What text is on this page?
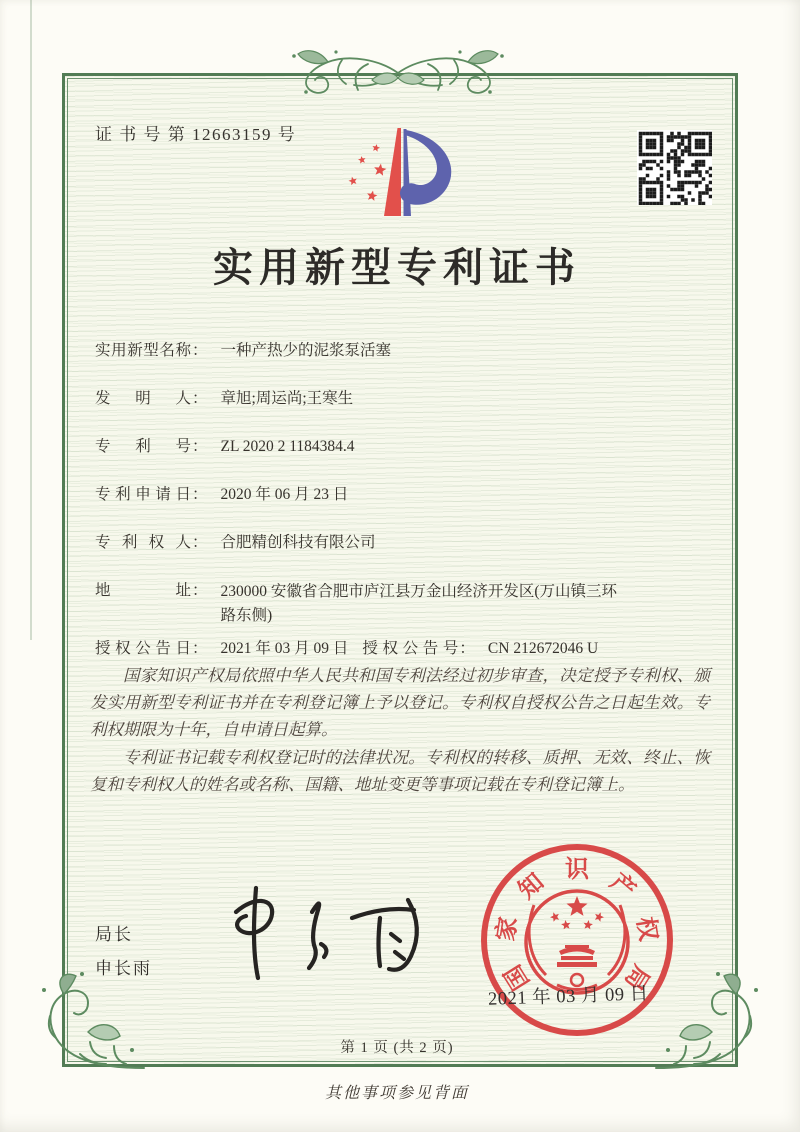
证 书 号 第 12663159 号
实用新型专利证书
实用新型名称 ： 一种产热少的泥浆泵活塞
发明人 ： 章旭;周运尚;王寒生
专利号 ： ZL 2020 2 1184384.4
专利申请日 ： 2020 年 06 月 23 日
专利权人 ： 合肥精创科技有限公司
地址 ： 230000 安徽省合肥市庐江县万金山经济开发区(万山镇三环路东侧)
授权公告日 ： 2021 年 03 月 09 日 授权公告号 ： CN 212672046 U

国家知识产权局依照中华人民共和国专利法经过初步审查，决定授予专利权、颁发实用新型专利证书并在专利登记簿上予以登记。专利权自授权公告之日起生效。专利权期限为十年，自申请日起算。

专利证书记载专利权登记时的法律状况。专利权的转移、质押、无效、终止、恢复和专利权人的姓名或名称、国籍、地址变更等事项记载在专利登记簿上。

局长
申长雨	国
家
知 识 产
权
局
2021 年 03 月 09 日
第 1 页 (共 2 页)
其他事项参见背面
